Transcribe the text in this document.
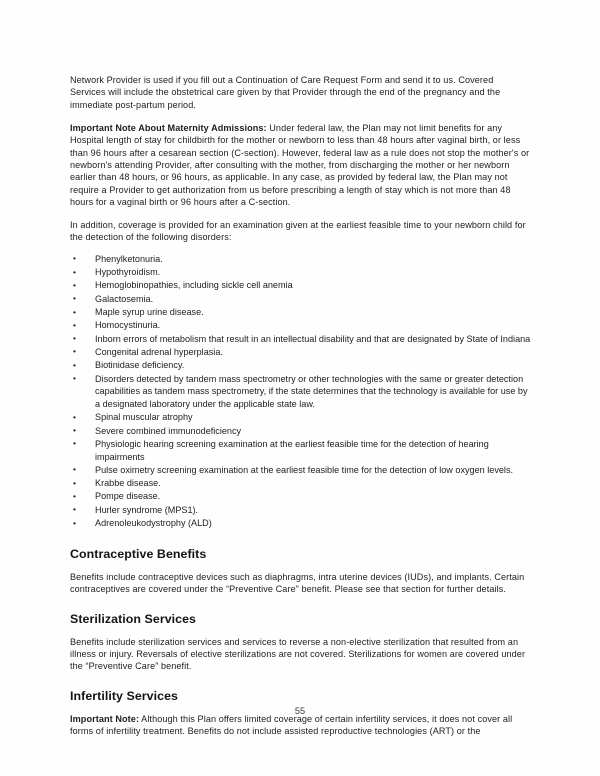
Network Provider is used if you fill out a Continuation of Care Request Form and send it to us. Covered Services will include the obstetrical care given by that Provider through the end of the pregnancy and the immediate post-partum period.

Important Note About Maternity Admissions: Under federal law, the Plan may not limit benefits for any Hospital length of stay for childbirth for the mother or newborn to less than 48 hours after vaginal birth, or less than 96 hours after a cesarean section (C-section). However, federal law as a rule does not stop the mother's or newborn's attending Provider, after consulting with the mother, from discharging the mother or her newborn earlier than 48 hours, or 96 hours, as applicable. In any case, as provided by federal law, the Plan may not require a Provider to get authorization from us before prescribing a length of stay which is not more than 48 hours for a vaginal birth or 96 hours after a C-section.

In addition, coverage is provided for an examination given at the earliest feasible time to your newborn child for the detection of the following disorders:

• Phenylketonuria.
• Hypothyroidism.
• Hemoglobinopathies, including sickle cell anemia
• Galactosemia.
• Maple syrup urine disease.
• Homocystinuria.
• Inborn errors of metabolism that result in an intellectual disability and that are designated by State of Indiana
• Congenital adrenal hyperplasia.
• Biotinidase deficiency.
• Disorders detected by tandem mass spectrometry or other technologies with the same or greater detection capabilities as tandem mass spectrometry, if the state determines that the technology is available for use by a designated laboratory under the applicable state law.
• Spinal muscular atrophy
• Severe combined immunodeficiency
• Physiologic hearing screening examination at the earliest feasible time for the detection of hearing impairments
• Pulse oximetry screening examination at the earliest feasible time for the detection of low oxygen levels.
• Krabbe disease.
• Pompe disease.
• Hurler syndrome (MPS1).
• Adrenoleukodystrophy (ALD)
Contraceptive Benefits

Benefits include contraceptive devices such as diaphragms, intra uterine devices (IUDs), and implants. Certain contraceptives are covered under the “Preventive Care” benefit. Please see that section for further details.

Sterilization Services

Benefits include sterilization services and services to reverse a non-elective sterilization that resulted from an illness or injury. Reversals of elective sterilizations are not covered. Sterilizations for women are covered under the “Preventive Care” benefit.

Infertility Services

Important Note: Although this Plan offers limited coverage of certain infertility services, it does not cover all forms of infertility treatment. Benefits do not include assisted reproductive technologies (ART) or the

55
